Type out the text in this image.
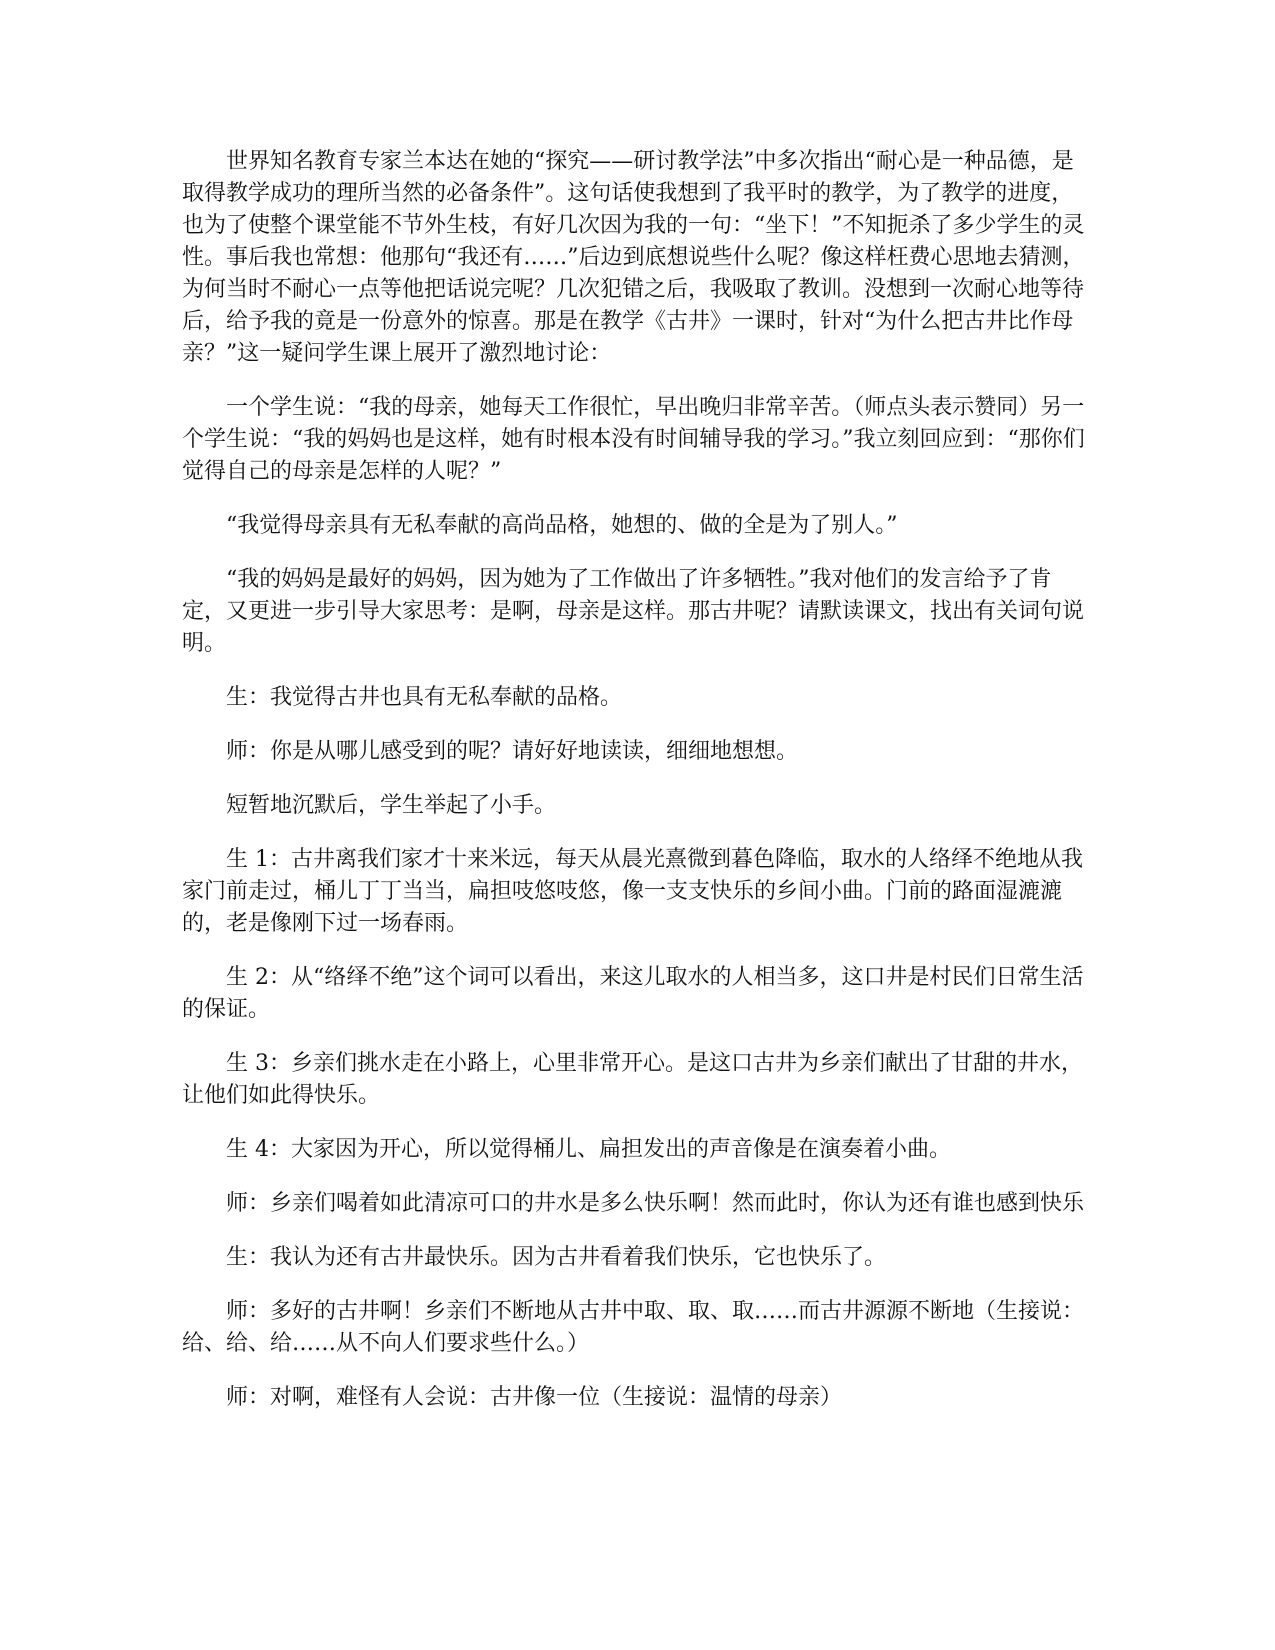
世界知名教育专家兰本达在她的“探究——研讨教学法”中多次指出“耐心是一种品德，是取得教学成功的理所当然的必备条件”。这句话使我想到了我平时的教学，为了教学的进度，也为了使整个课堂能不节外生枝，有好几次因为我的一句：“坐下！”不知扼杀了多少学生的灵性。事后我也常想：他那句“我还有……”后边到底想说些什么呢？像这样枉费心思地去猜测，为何当时不耐心一点等他把话说完呢？几次犯错之后，我吸取了教训。没想到一次耐心地等待后，给予我的竟是一份意外的惊喜。那是在教学《古井》一课时，针对“为什么把古井比作母亲？”这一疑问学生课上展开了激烈地讨论：

一个学生说：“我的母亲，她每天工作很忙，早出晚归非常辛苦。（师点头表示赞同）另一个学生说：“我的妈妈也是这样，她有时根本没有时间辅导我的学习。”我立刻回应到：“那你们觉得自己的母亲是怎样的人呢？”

“我觉得母亲具有无私奉献的高尚品格，她想的、做的全是为了别人。”

“我的妈妈是最好的妈妈，因为她为了工作做出了许多牺牲。”我对他们的发言给予了肯定，又更进一步引导大家思考：是啊，母亲是这样。那古井呢？请默读课文，找出有关词句说明。

生：我觉得古井也具有无私奉献的品格。

师：你是从哪儿感受到的呢？请好好地读读，细细地想想。

短暂地沉默后，学生举起了小手。

生 1：古井离我们家才十来米远，每天从晨光熹微到暮色降临，取水的人络绎不绝地从我家门前走过，桶儿丁丁当当，扁担吱悠吱悠，像一支支快乐的乡间小曲。门前的路面湿漉漉的，老是像刚下过一场春雨。

生 2：从“络绎不绝”这个词可以看出，来这儿取水的人相当多，这口井是村民们日常生活的保证。

生 3：乡亲们挑水走在小路上，心里非常开心。是这口古井为乡亲们献出了甘甜的井水，让他们如此得快乐。

生 4：大家因为开心，所以觉得桶儿、扁担发出的声音像是在演奏着小曲。

师：乡亲们喝着如此清凉可口的井水是多么快乐啊！然而此时，你认为还有谁也感到快乐

生：我认为还有古井最快乐。因为古井看着我们快乐，它也快乐了。

师：多好的古井啊！乡亲们不断地从古井中取、取、取……而古井源源不断地（生接说：给、给、给……从不向人们要求些什么。）

师：对啊，难怪有人会说：古井像一位（生接说：温情的母亲）
